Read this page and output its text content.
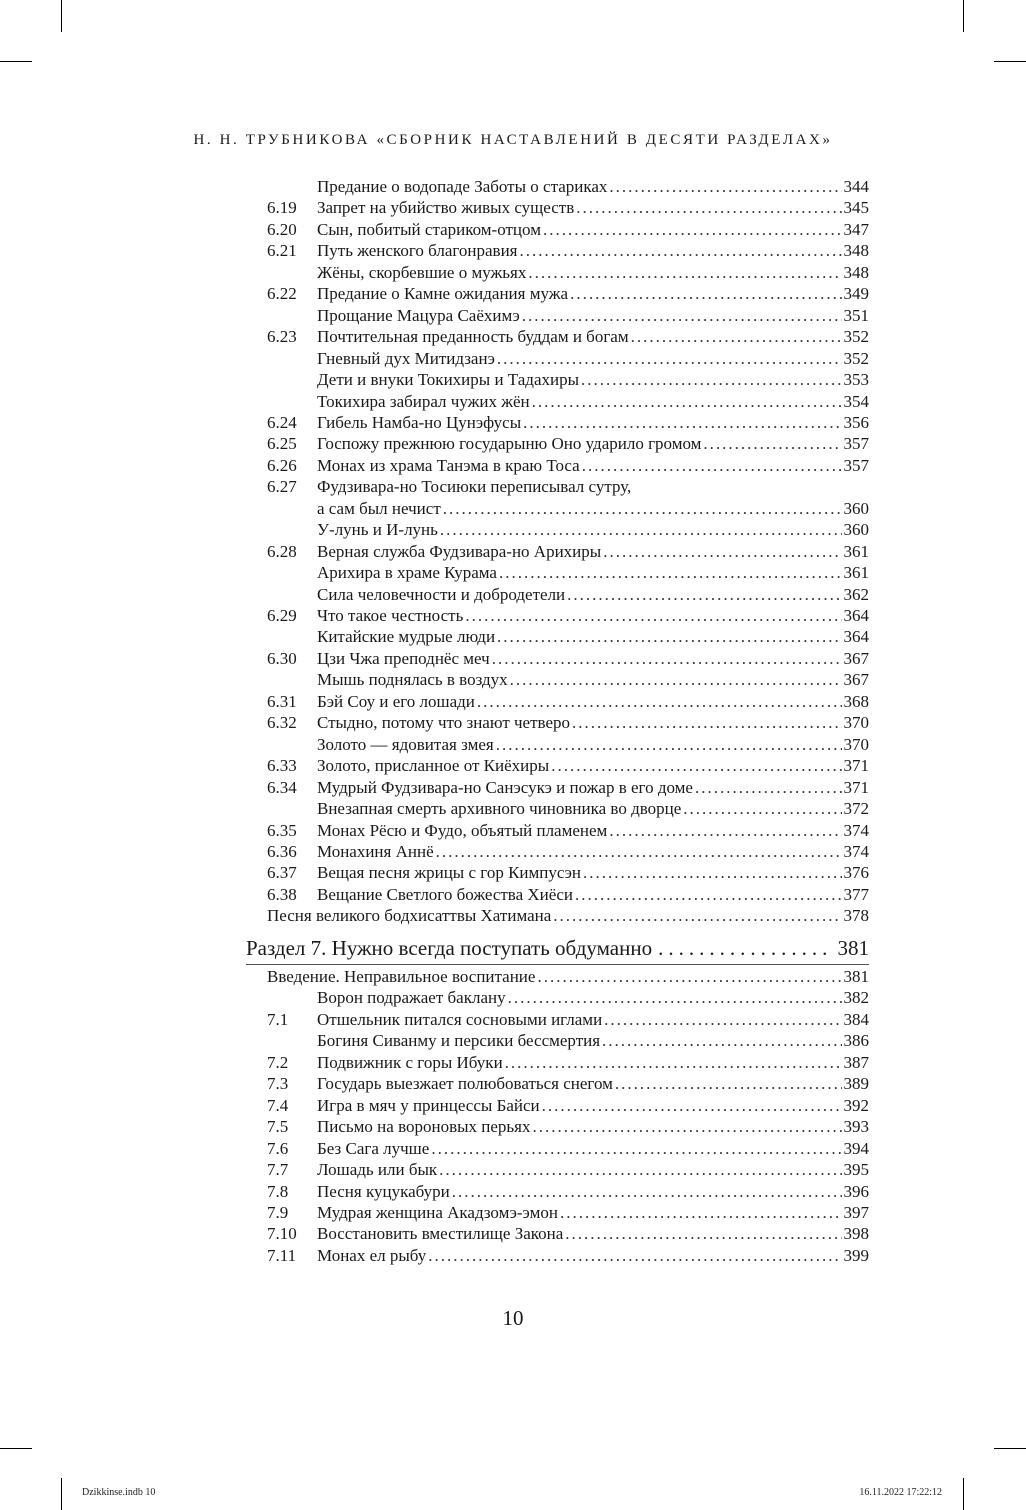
Н. Н. ТРУБНИКОВА «СБОРНИК НАСТАВЛЕНИЙ В ДЕСЯТИ РАЗДЕЛАХ»
Предание о водопаде Заботы о стариках .....	344
6.19 Запрет на убийство живых существ .....	345
6.20 Сын, побитый стариком-отцом .....	347
6.21 Путь женского благонравия .....	348
Жёны, скорбевшие о мужьях .....	348
6.22 Предание о Камне ожидания мужа .....	349
Прощание Мацура Саёхимэ .....	351
6.23 Почтительная преданность буддам и богам .....	352
Гневный дух Митидзанэ .....	352
Дети и внуки Токихиры и Тадахиры .....	353
Токихира забирал чужих жён .....	354
6.24 Гибель Намба-но Цунэфусы .....	356
6.25 Госпожу прежнюю государыню Оно ударило громом .....	357
6.26 Монах из храма Танэма в краю Тоса .....	357
6.27 Фудзивара-но Тосиюки переписывал сутру,
а сам был нечист .....	360
У-лунь и И-лунь .....	360
6.28 Верная служба Фудзивара-но Арихиры .....	361
Арихира в храме Курама .....	361
Сила человечности и добродетели .....	362
6.29 Что такое честность .....	364
Китайские мудрые люди .....	364
6.30 Цзи Чжа преподнёс меч .....	367
Мышь поднялась в воздух .....	367
6.31 Бэй Соу и его лошади .....	368
6.32 Стыдно, потому что знают четверо .....	370
Золото — ядовитая змея .....	370
6.33 Золото, присланное от Киёхиры .....	371
6.34 Мудрый Фудзивара-но Санэсукэ и пожар в его доме .....	371
Внезапная смерть архивного чиновника во дворце .....	372
6.35 Монах Рёсю и Фудо, объятый пламенем .....	374
6.36 Монахиня Аннё .....	374
6.37 Вещая песня жрицы с гор Кимпусэн .....	376
6.38 Вещание Светлого божества Хиёси .....	377
Песня великого бодхисаттвы Хатимана .....	378
Раздел 7. Нужно всегда поступать обдуманно .....	381
Введение. Неправильное воспитание .....	381
Ворон подражает баклану .....	382
7.1 Отшельник питался сосновыми иглами .....	384
Богиня Сиванму и персики бессмертия .....	386
7.2 Подвижник с горы Ибуки .....	387
7.3 Государь выезжает полюбоваться снегом .....	389
7.4 Игра в мяч у принцессы Байси .....	392
7.5 Письмо на вороновых перьях .....	393
7.6 Без Сага лучше .....	394
7.7 Лошадь или бык .....	395
7.8 Песня куцукабури .....	396
7.9 Мудрая женщина Акадзомэ-эмон .....	397
7.10 Восстановить вместилище Закона .....	398
7.11 Монах ел рыбу .....	399
10
Dzikkinse.indb 10	16.11.2022 17:22:12
